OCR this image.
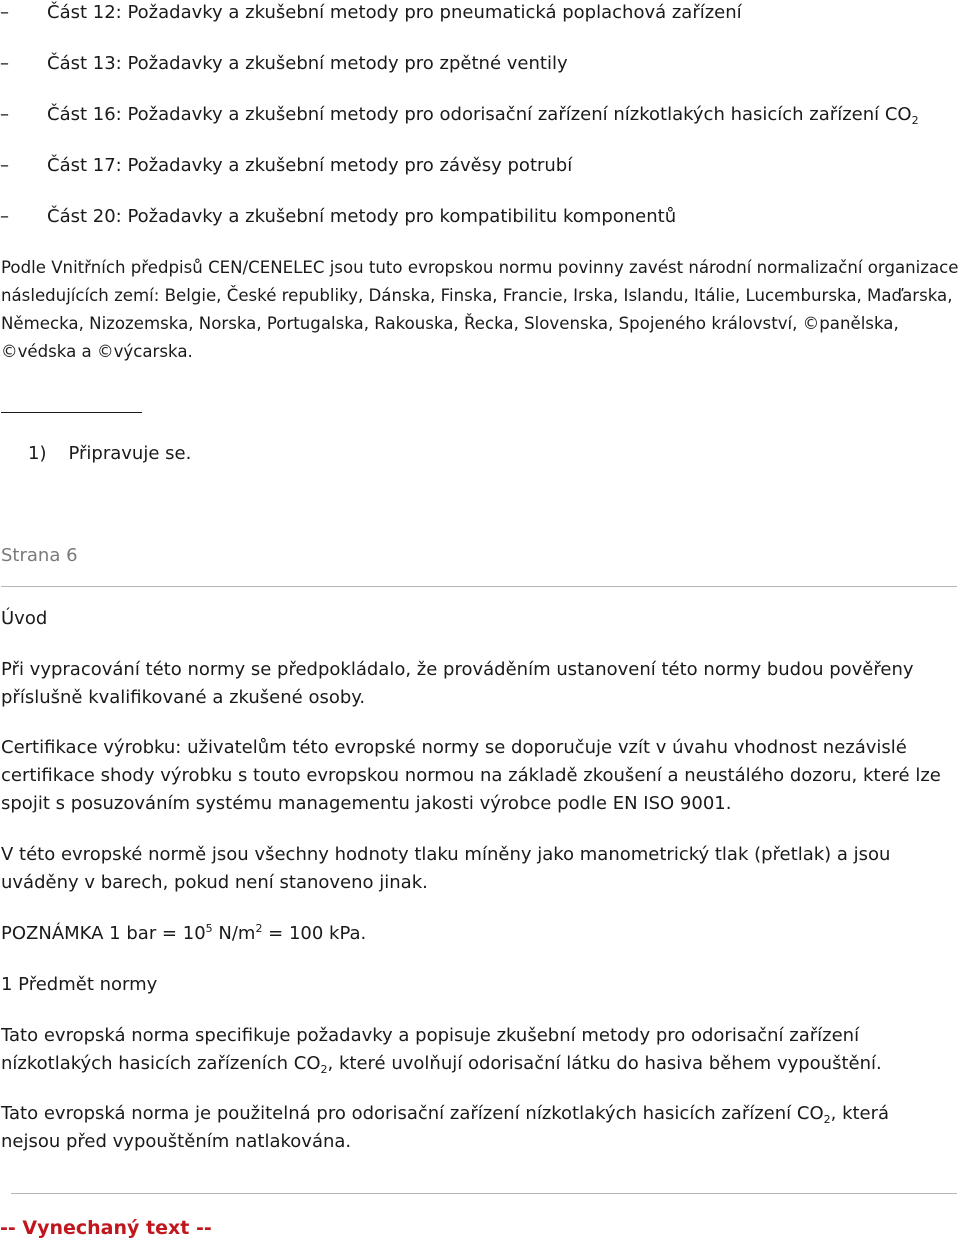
– Část 12: Požadavky a zkušební metody pro pneumatická poplachová zařízení
– Část 13: Požadavky a zkušební metody pro zpětné ventily
– Část 16: Požadavky a zkušební metody pro odorisační zařízení nízkotlakých hasicích zařízení $CO_2$
– Část 17: Požadavky a zkušební metody pro závěsy potrubí
– Část 20: Požadavky a zkušební metody pro kompatibilitu komponentů

Podle Vnitřních předpisů CEN/CENELEC jsou tuto evropskou normu povinny zavést národní normalizační organizace následujících zemí: Belgie, České republiky, Dánska, Finska, Francie, Irska, Islandu, Itálie, Lucemburska, Maďarska, Německa, Nizozemska, Norska, Portugalska, Rakouska, Řecka, Slovenska, Spojeného království, ©panělska, ©védska a ©výcarska.

1) Připravuje se.
Strana 6
Úvod

Při vypracování této normy se předpokládalo, že prováděním ustanovení této normy budou pověřeny příslušně kvalifikované a zkušené osoby.

Certifikace výrobku: uživatelům této evropské normy se doporučuje vzít v úvahu vhodnost nezávislé certifikace shody výrobku s touto evropskou normou na základě zkoušení a neustálého dozoru, které lze spojit s posuzováním systému managementu jakosti výrobce podle EN ISO 9001.

V této evropské normě jsou všechny hodnoty tlaku míněny jako manometrický tlak (přetlak) a jsou uváděny v barech, pokud není stanoveno jinak.

POZNÁMKA 1 bar = $10^5$ $N/m^2 = 100$ kPa.
1 Předmět normy

Tato evropská norma specifikuje požadavky a popisuje zkušební metody pro odorisační zařízení nízkotlakých hasicích zařízeních $CO_2$, které uvolňují odorisační látku do hasiva během vypouštění.

Tato evropská norma je použitelná pro odorisační zařízení nízkotlakých hasicích zařízení $CO_2$, která nejsou před vypouštěním natlakována.

-- Vynechaný text --
